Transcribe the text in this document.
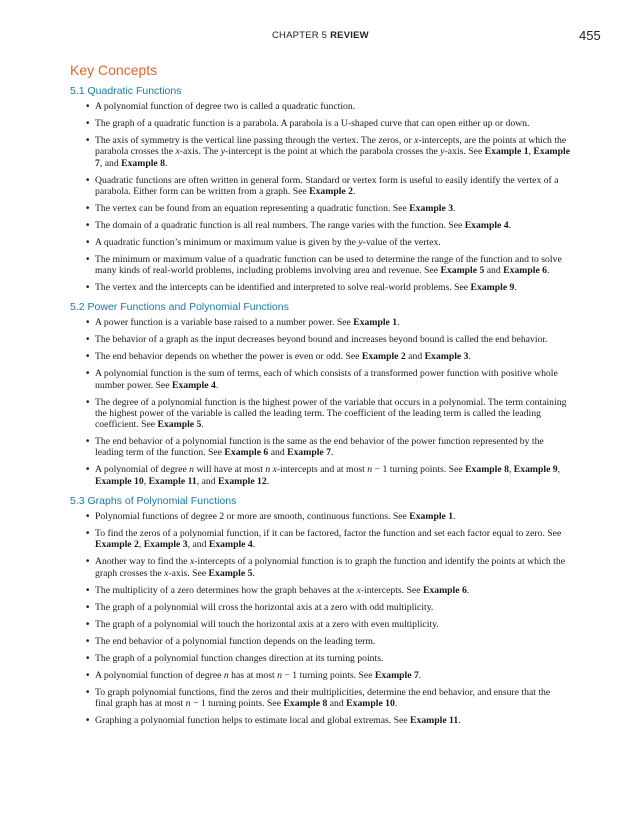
CHAPTER 5 REVIEW	455
Key Concepts
5.1 Quadratic Functions
• A polynomial function of degree two is called a quadratic function.
• The graph of a quadratic function is a parabola. A parabola is a U-shaped curve that can open either up or down.
• The axis of symmetry is the vertical line passing through the vertex. The zeros, or x-intercepts, are the points at which the parabola crosses the x-axis. The y-intercept is the point at which the parabola crosses the y-axis. See Example 1, Example 7, and Example 8.
• Quadratic functions are often written in general form. Standard or vertex form is useful to easily identify the vertex of a parabola. Either form can be written from a graph. See Example 2.
• The vertex can be found from an equation representing a quadratic function. See Example 3.
• The domain of a quadratic function is all real numbers. The range varies with the function. See Example 4.
• A quadratic function’s minimum or maximum value is given by the y-value of the vertex.
• The minimum or maximum value of a quadratic function can be used to determine the range of the function and to solve many kinds of real-world problems, including problems involving area and revenue. See Example 5 and Example 6.
• The vertex and the intercepts can be identified and interpreted to solve real-world problems. See Example 9.
5.2 Power Functions and Polynomial Functions
• A power function is a variable base raised to a number power. See Example 1.
• The behavior of a graph as the input decreases beyond bound and increases beyond bound is called the end behavior.
• The end behavior depends on whether the power is even or odd. See Example 2 and Example 3.
• A polynomial function is the sum of terms, each of which consists of a transformed power function with positive whole number power. See Example 4.
• The degree of a polynomial function is the highest power of the variable that occurs in a polynomial. The term containing the highest power of the variable is called the leading term. The coefficient of the leading term is called the leading coefficient. See Example 5.
• The end behavior of a polynomial function is the same as the end behavior of the power function represented by the leading term of the function. See Example 6 and Example 7.
• A polynomial of degree n will have at most n x-intercepts and at most n − 1 turning points. See Example 8, Example 9, Example 10, Example 11, and Example 12.
5.3 Graphs of Polynomial Functions
• Polynomial functions of degree 2 or more are smooth, continuous functions. See Example 1.
• To find the zeros of a polynomial function, if it can be factored, factor the function and set each factor equal to zero. See Example 2, Example 3, and Example 4.
• Another way to find the x-intercepts of a polynomial function is to graph the function and identify the points at which the graph crosses the x-axis. See Example 5.
• The multiplicity of a zero determines how the graph behaves at the x-intercepts. See Example 6.
• The graph of a polynomial will cross the horizontal axis at a zero with odd multiplicity.
• The graph of a polynomial will touch the horizontal axis at a zero with even multiplicity.
• The end behavior of a polynomial function depends on the leading term.
• The graph of a polynomial function changes direction at its turning points.
• A polynomial function of degree n has at most n − 1 turning points. See Example 7.
• To graph polynomial functions, find the zeros and their multiplicities, determine the end behavior, and ensure that the final graph has at most n − 1 turning points. See Example 8 and Example 10.
• Graphing a polynomial function helps to estimate local and global extremas. See Example 11.
